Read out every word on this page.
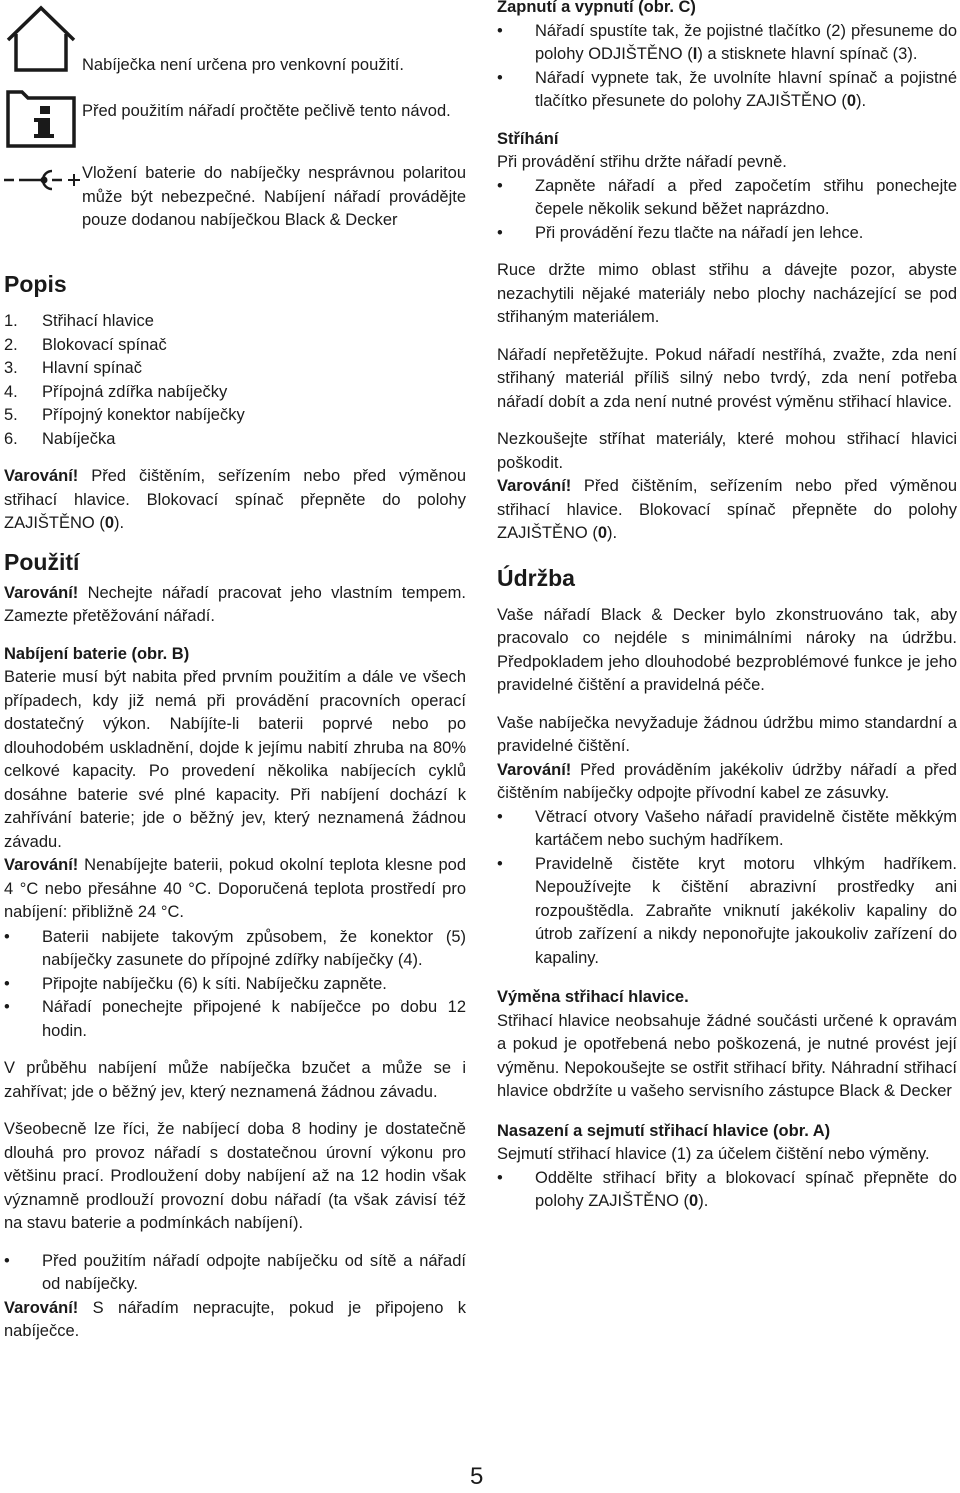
Nabíječka není určena pro venkovní použití.

Před použitím nářadí pročtěte pečlivě tento návod.

Vložení baterie do nabíječky nesprávnou polaritou může být nebezpečné. Nabíjení nářadí provádějte pouze dodanou nabíječkou Black & Decker

Popis
1. Střihací hlavice
2. Blokovací spínač
3. Hlavní spínač
4. Přípojná zdířka nabíječky
5. Přípojný konektor nabíječky
6. Nabíječka

Varování! Před čištěním, seřízením nebo před výměnou střihací hlavice. Blokovací spínač přepněte do polohy ZAJIŠTĚNO (0).

Použití

Varování! Nechejte nářadí pracovat jeho vlastním tempem. Zamezte přetěžování nářadí.

Nabíjení baterie (obr. B)

Baterie musí být nabita před prvním použitím a dále ve všech případech, kdy již nemá při provádění pracovních operací dostatečný výkon. Nabíjíte-li baterii poprvé nebo po dlouhodobém uskladnění, dojde k jejímu nabití zhruba na 80% celkové kapacity. Po provedení několika nabíjecích cyklů dosáhne baterie své plné kapacity. Při nabíjení dochází k zahřívání baterie; jde o běžný jev, který neznamená žádnou závadu.

Varování! Nenabíjejte baterii, pokud okolní teplota klesne pod 4 °C nebo přesáhne 40 °C. Doporučená teplota prostředí pro nabíjení: přibližně 24 °C.

• Baterii nabijete takovým způsobem, že konektor (5) nabíječky zasunete do přípojné zdířky nabíječky (4).
• Připojte nabíječku (6) k síti. Nabíječku zapněte.
• Nářadí ponechejte připojené k nabíječce po dobu 12 hodin.

V průběhu nabíjení může nabíječka bzučet a může se i zahřívat; jde o běžný jev, který neznamená žádnou závadu.

Všeobecně lze říci, že nabíjecí doba 8 hodiny je dostatečně dlouhá pro provoz nářadí s dostatečnou úrovní výkonu pro většinu prací. Prodloužení doby nabíjení až na 12 hodin však významně prodlouží provozní dobu nářadí (ta však závisí též na stavu baterie a podmínkách nabíjení).

• Před použitím nářadí odpojte nabíječku od sítě a nářadí od nabíječky.

Varování! S nářadím nepracujte, pokud je připojeno k nabíječce.

Zapnutí a vypnutí (obr. C)

• Nářadí spustíte tak, že pojistné tlačítko (2) přesuneme do polohy ODJIŠTĚNO (I) a stisknete hlavní spínač (3).
• Nářadí vypnete tak, že uvolníte hlavní spínač a pojistné tlačítko přesunete do polohy ZAJIŠTĚNO (0).

Stříhání

Při provádění střihu držte nářadí pevně.

• Zapněte nářadí a před započetím střihu ponechejte čepele několik sekund běžet naprázdno.
• Při provádění řezu tlačte na nářadí jen lehce.

Ruce držte mimo oblast střihu a dávejte pozor, abyste nezachytili nějaké materiály nebo plochy nacházející se pod střihaným materiálem.

Nářadí nepřetěžujte. Pokud nářadí nestříhá, zvažte, zda není střihaný materiál příliš silný nebo tvrdý, zda není potřeba nářadí dobít a zda není nutné provést výměnu střihací hlavice.

Nezkoušejte stříhat materiály, které mohou střihací hlavici poškodit.

Varování! Před čištěním, seřízením nebo před výměnou střihací hlavice. Blokovací spínač přepněte do polohy ZAJIŠTĚNO (0).

Údržba

Vaše nářadí Black & Decker bylo zkonstruováno tak, aby pracovalo co nejdéle s minimálními nároky na údržbu. Předpokladem jeho dlouhodobé bezproblémové funkce je jeho pravidelné čištění a pravidelná péče.

Vaše nabíječka nevyžaduje žádnou údržbu mimo standardní a pravidelné čištění.

Varování! Před prováděním jakékoliv údržby nářadí a před čištěním nabíječky odpojte přívodní kabel ze zásuvky.

• Větrací otvory Vašeho nářadí pravidelně čistěte měkkým kartáčem nebo suchým hadříkem.
• Pravidelně čistěte kryt motoru vlhkým hadříkem. Nepoužívejte k čištění abrazivní prostředky ani rozpouštědla. Zabraňte vniknutí jakékoliv kapaliny do útrob zařízení a nikdy neponořujte jakoukoliv zařízení do kapaliny.

Výměna střihací hlavice.

Střihací hlavice neobsahuje žádné součásti určené k opravám a pokud je opotřebená nebo poškozená, je nutné provést její výměnu. Nepokoušejte se ostřit střihací břity. Náhradní střihací hlavice obdržíte u vašeho servisního zástupce Black & Decker

Nasazení a sejmutí střihací hlavice (obr. A)

Sejmutí střihací hlavice (1) za účelem čištění nebo výměny.

• Oddělte střihací břity a blokovací spínač přepněte do polohy ZAJIŠTĚNO (0).
5
